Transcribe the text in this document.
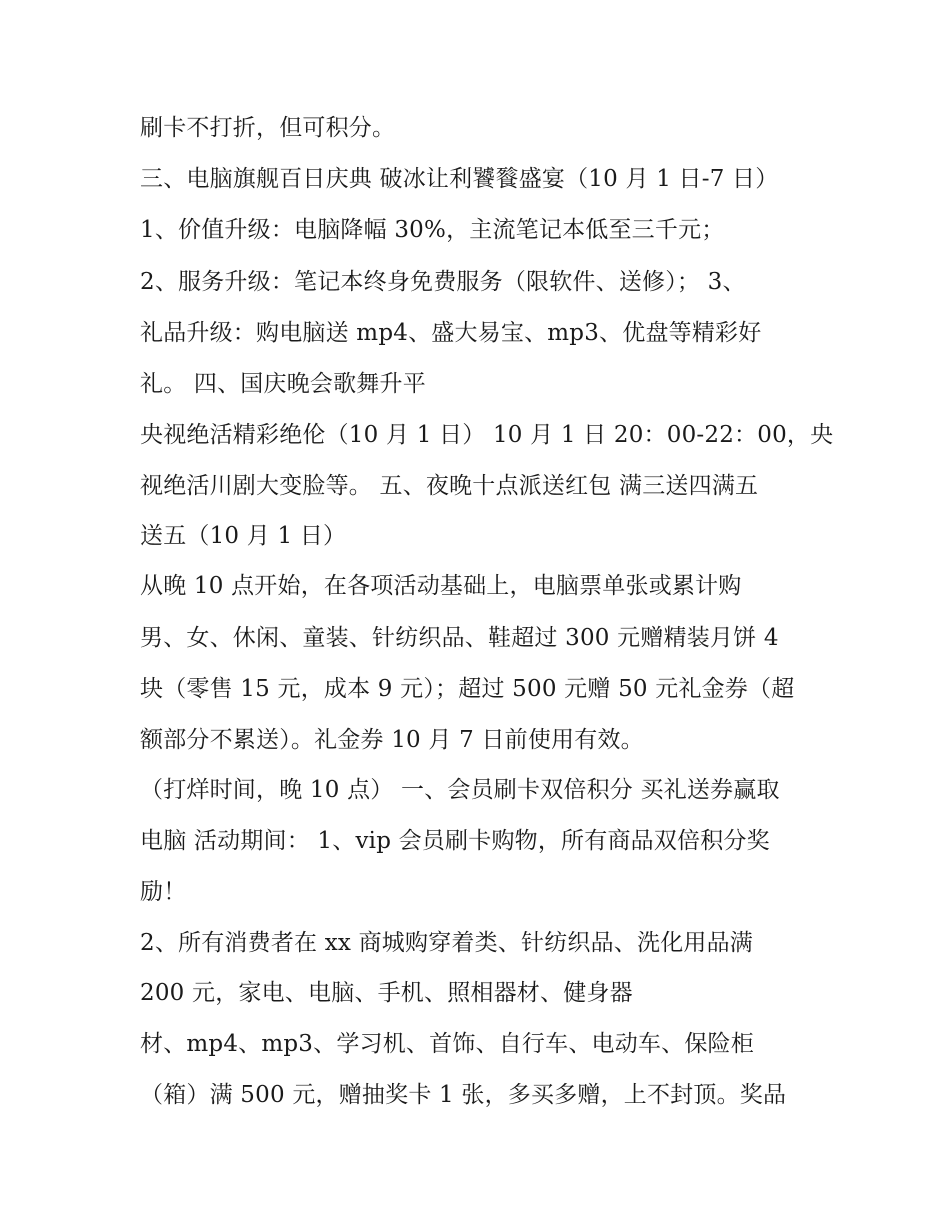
刷卡不打折，但可积分。
三、电脑旗舰百日庆典 破冰让利饕餮盛宴（10 月 1 日-7 日）
1、价值升级：电脑降幅 30%，主流笔记本低至三千元；
2、服务升级：笔记本终身免费服务（限软件、送修）； 3、
礼品升级：购电脑送 mp4、盛大易宝、mp3、优盘等精彩好
礼。 四、国庆晚会歌舞升平
央视绝活精彩绝伦（10 月 1 日） 10 月 1 日 20：00-22：00，央
视绝活川剧大变脸等。 五、夜晚十点派送红包 满三送四满五
送五（10 月 1 日）
从晚 10 点开始，在各项活动基础上，电脑票单张或累计购
男、女、休闲、童装、针纺织品、鞋超过 300 元赠精装月饼 4
块（零售 15 元，成本 9 元）；超过 500 元赠 50 元礼金券（超
额部分不累送）。礼金券 10 月 7 日前使用有效。
（打烊时间，晚 10 点） 一、会员刷卡双倍积分 买礼送券赢取
电脑 活动期间： 1、vip 会员刷卡购物，所有商品双倍积分奖
励！
2、所有消费者在 xx 商城购穿着类、针纺织品、洗化用品满
200 元，家电、电脑、手机、照相器材、健身器
材、mp4、mp3、学习机、首饰、自行车、电动车、保险柜
（箱）满 500 元，赠抽奖卡 1 张，多买多赠，上不封顶。奖品
